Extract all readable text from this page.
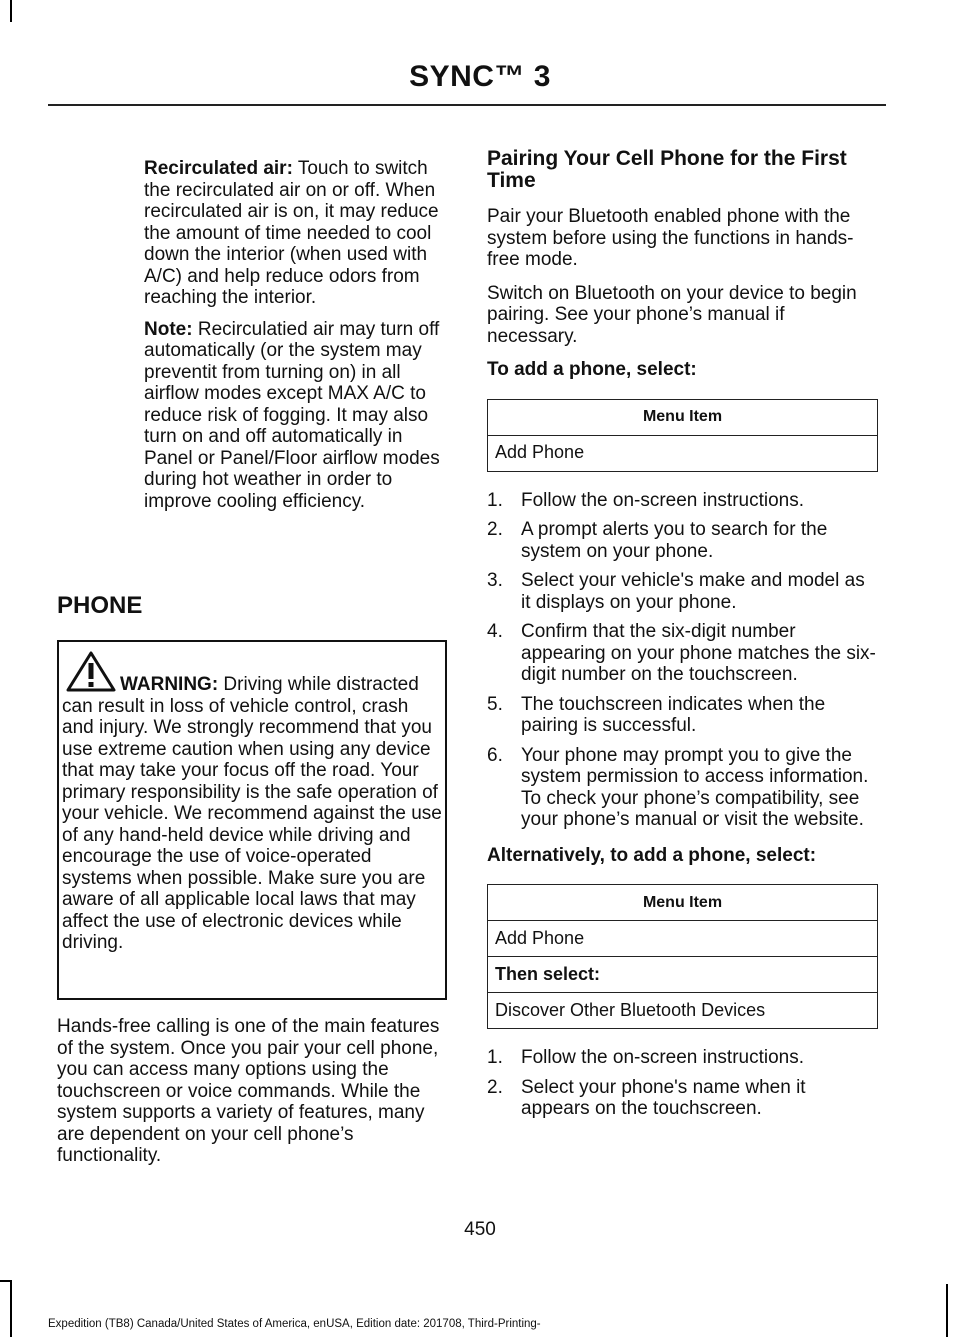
SYNC™ 3

Recirculated air: Touch to switch the recirculated air on or off. When recirculated air is on, it may reduce the amount of time needed to cool down the interior (when used with A/C) and help reduce odors from reaching the interior.

Note: Recirculatied air may turn off automatically (or the system may preventit from turning on) in all airflow modes except MAX A/C to reduce risk of fogging. It may also turn on and off automatically in Panel or Panel/Floor airflow modes during hot weather in order to improve cooling efficiency.

PHONE

WARNING: Driving while distracted can result in loss of vehicle control, crash and injury. We strongly recommend that you use extreme caution when using any device that may take your focus off the road. Your primary responsibility is the safe operation of your vehicle. We recommend against the use of any hand-held device while driving and encourage the use of voice-operated systems when possible. Make sure you are aware of all applicable local laws that may affect the use of electronic devices while driving.

Hands-free calling is one of the main features of the system. Once you pair your cell phone, you can access many options using the touchscreen or voice commands. While the system supports a variety of features, many are dependent on your cell phone’s functionality.

Pairing Your Cell Phone for the First Time

Pair your Bluetooth enabled phone with the system before using the functions in hands-free mode.

Switch on Bluetooth on your device to begin pairing. See your phone’s manual if necessary.

To add a phone, select:

Menu Item
Add Phone
1. Follow the on-screen instructions.
2. A prompt alerts you to search for the system on your phone.
3. Select your vehicle's make and model as it displays on your phone.
4. Confirm that the six-digit number appearing on your phone matches the six-digit number on the touchscreen.
5. The touchscreen indicates when the pairing is successful.
6. Your phone may prompt you to give the system permission to access information. To check your phone’s compatibility, see your phone’s manual or visit the website.

Alternatively, to add a phone, select:

Menu Item
Add Phone
Then select:
Discover Other Bluetooth Devices
1. Follow the on-screen instructions.
2. Select your phone's name when it appears on the touchscreen.
450
Expedition (TB8) Canada/United States of America, enUSA, Edition date: 201708, Third-Printing-
